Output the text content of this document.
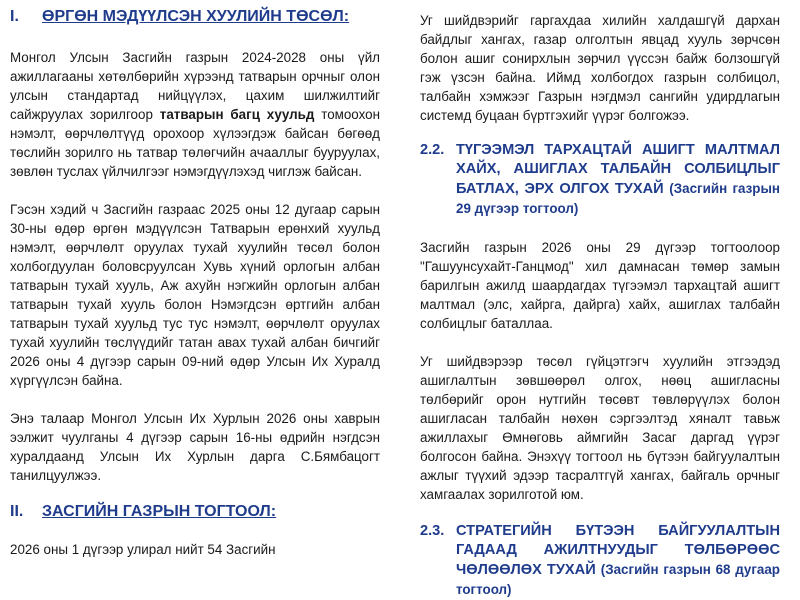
I.	ӨРГӨН МЭДҮҮЛСЭН ХУУЛИЙН ТӨСӨЛ:

Монгол Улсын Засгийн газрын 2024-2028 оны үйл ажиллагааны хөтөлбөрийн хүрээнд татварын орчныг олон улсын стандартад нийцүүлэх, цахим шилжилтийг сайжруулах зорилгоор татварын багц хуульд томоохон нэмэлт, өөрчлөлтүүд орохоор хүлээгдэж байсан бөгөөд төслийн зорилго нь татвар төлөгчийн ачааллыг бууруулах, зөвлөн туслах үйлчилгээг нэмэгдүүлэхэд чиглэж байсан.

Гэсэн хэдий ч Засгийн газраас 2025 оны 12 дугаар сарын 30-ны өдөр өргөн мэдүүлсэн Татварын ерөнхий хуульд нэмэлт, өөрчлөлт оруулах тухай хуулийн төсөл болон холбогдуулан боловсруулсан Хувь хүний орлогын албан татварын тухай хууль, Аж ахуйн нэгжийн орлогын албан татварын тухай хууль болон Нэмэгдсэн өртгийн албан татварын тухай хуульд тус тус нэмэлт, өөрчлөлт оруулах тухай хуулийн төслүүдийг татан авах тухай албан бичгийг 2026 оны 4 дүгээр сарын 09-ний өдөр Улсын Их Хуралд хүргүүлсэн байна.

Энэ талаар Монгол Улсын Их Хурлын 2026 оны хаврын ээлжит чуулганы 4 дүгээр сарын 16-ны өдрийн нэгдсэн хуралдаанд Улсын Их Хурлын дарга С.Бямбацогт танилцуулжээ.

II.	ЗАСГИЙН ГАЗРЫН ТОГТООЛ:

2026 оны 1 дүгээр улирал нийт 54 Засгийн

Уг шийдвэрийг гаргахдаа хилийн халдашгүй дархан байдлыг хангах, газар олголтын явцад хууль зөрчсөн болон ашиг сонирхлын зөрчил үүссэн байж болзошгүй гэж үзсэн байна. Иймд холбогдох газрын солбицол, талбайн хэмжээг Газрын нэгдмэл сангийн удирдлагын системд буцаан бүртгэхийг үүрэг болгожээ.

2.2. ТҮГЭЭМЭЛ ТАРХАЦТАЙ АШИГТ МАЛТМАЛ ХАЙХ, АШИГЛАХ ТАЛБАЙН СОЛБИЦЛЫГ БАТЛАХ, ЭРХ ОЛГОХ ТУХАЙ (Засгийн газрын 29 дүгээр тогтоол)

Засгийн газрын 2026 оны 29 дүгээр тогтоолоор "Гашуунсухайт-Ганцмод" хил дамнасан төмөр замын барилгын ажилд шаардагдах түгээмэл тархацтай ашигт малтмал (элс, хайрга, дайрга) хайх, ашиглах талбайн солбицлыг баталлаа.

Уг шийдвэрээр төсөл гүйцэтгэгч хуулийн этгээдэд ашиглалтын зөвшөөрөл олгох, нөөц ашигласны төлбөрийг орон нутгийн төсөвт төвлөрүүлэх болон ашигласан талбайн нөхөн сэргээлтэд хяналт тавьж ажиллахыг Өмнөговь аймгийн Засаг даргад үүрэг болгосон байна. Энэхүү тогтоол нь бүтээн байгуулалтын ажлыг түүхий эдээр тасралтгүй хангах, байгаль орчныг хамгаалах зорилготой юм.

2.3. СТРАТЕГИЙН БҮТЭЭН БАЙГУУЛАЛТЫН ГАДААД АЖИЛТНУУДЫГ ТӨЛБӨРӨӨС ЧӨЛӨӨЛӨХ ТУХАЙ (Засгийн газрын 68 дугаар тогтоол)
